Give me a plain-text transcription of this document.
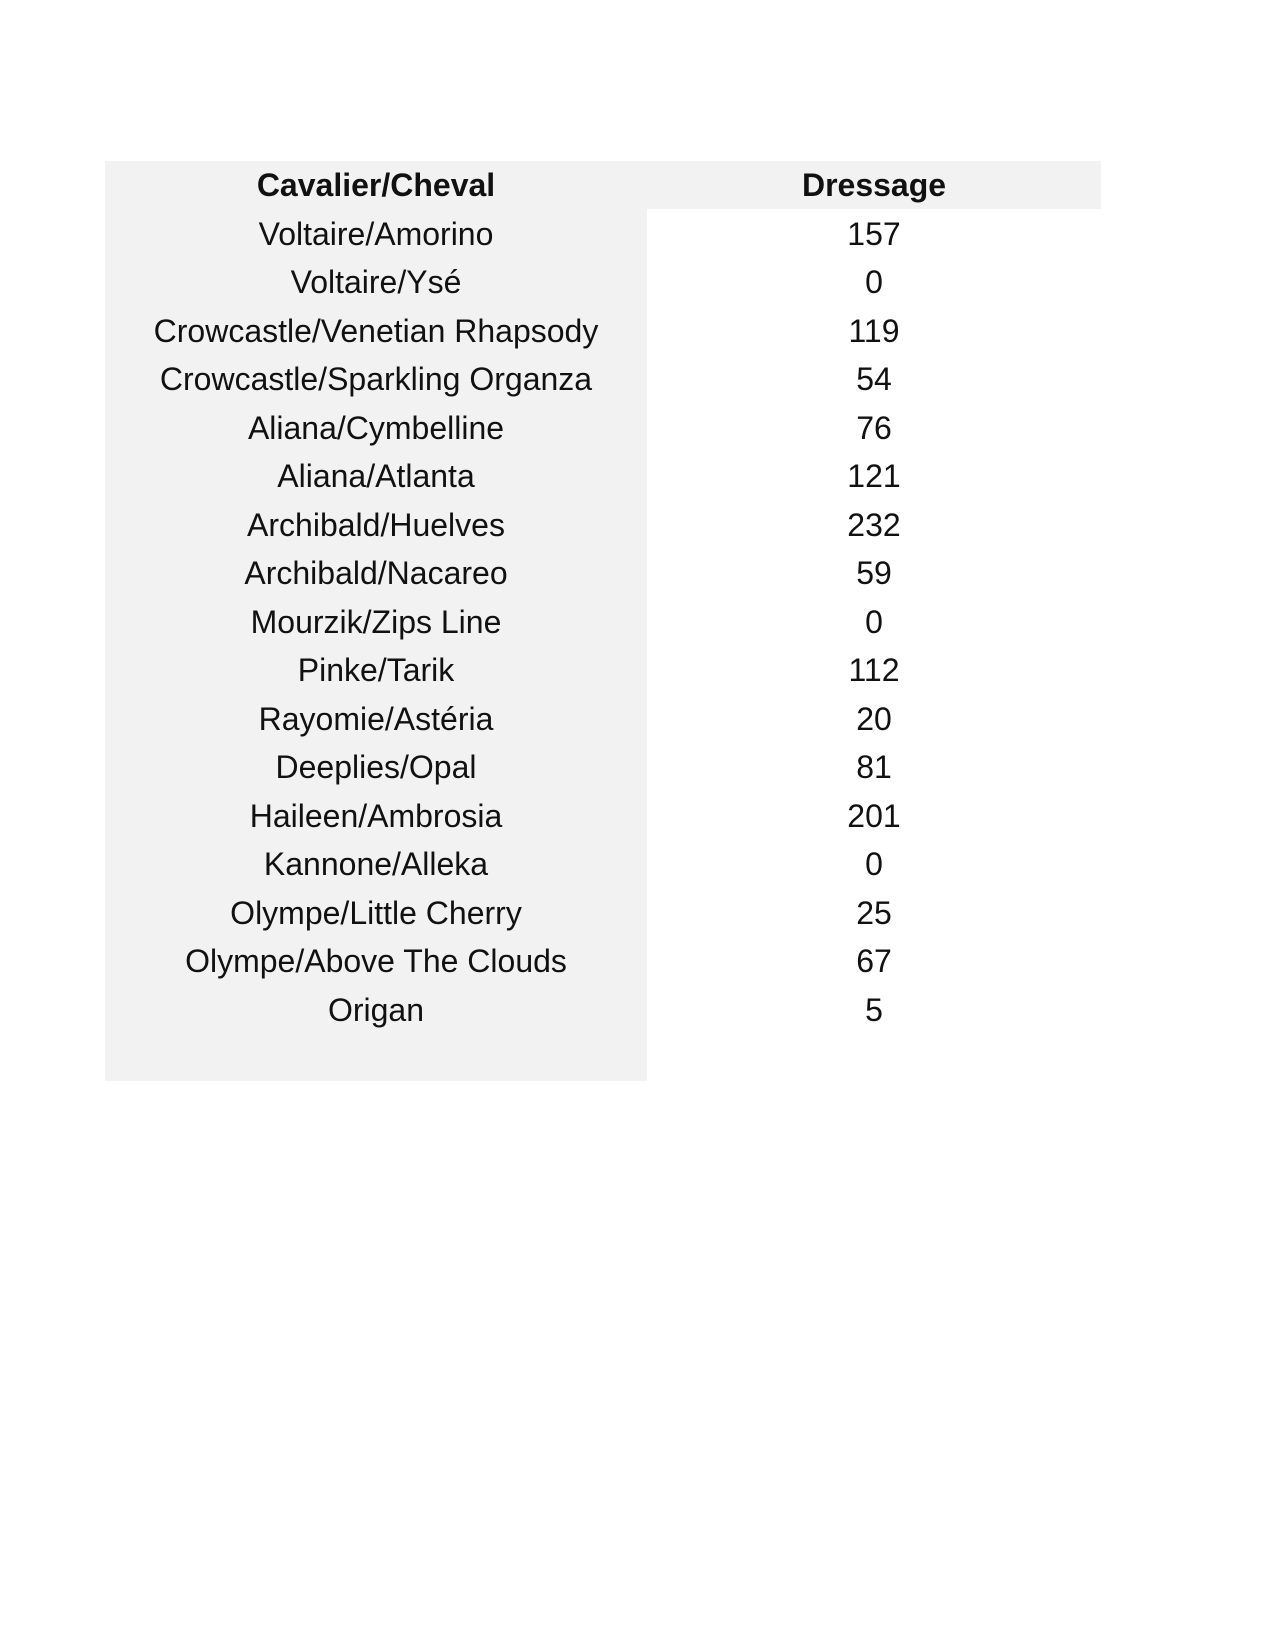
Cavalier/Cheval	Dressage
Voltaire/Amorino	157
Voltaire/Ysé	0
Crowcastle/Venetian Rhapsody	119
Crowcastle/Sparkling Organza	54
Aliana/Cymbelline	76
Aliana/Atlanta	121
Archibald/Huelves	232
Archibald/Nacareo	59
Mourzik/Zips Line	0
Pinke/Tarik	112
Rayomie/Astéria	20
Deeplies/Opal	81
Haileen/Ambrosia	201
Kannone/Alleka	0
Olympe/Little Cherry	25
Olympe/Above The Clouds	67
Origan	5
